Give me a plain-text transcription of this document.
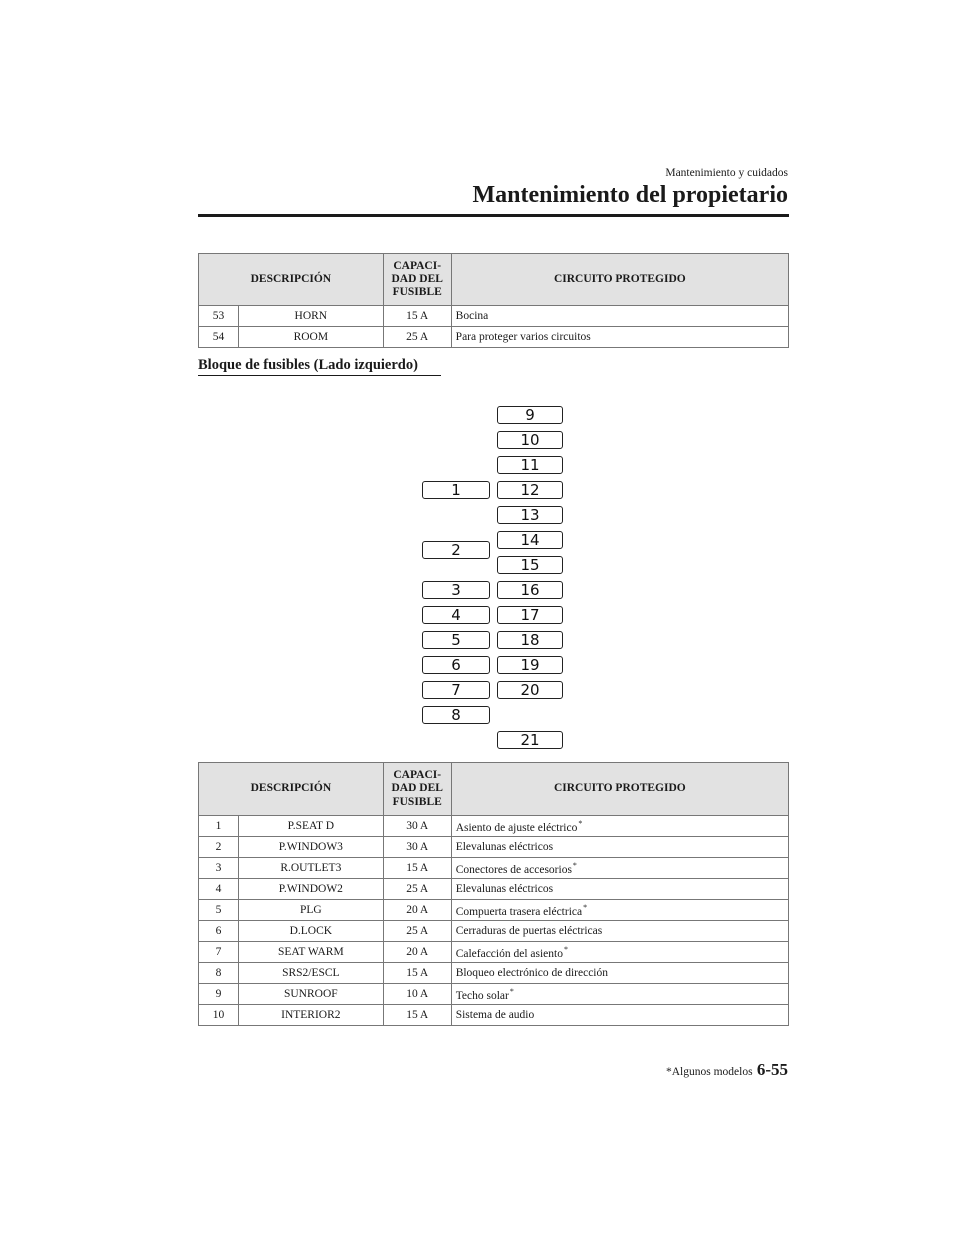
Mantenimiento y cuidados
Mantenimiento del propietario
DESCRIPCIÓN		CAPACI-
DAD DEL
FUSIBLE	CIRCUITO PROTEGIDO
53	HORN	15 A	Bocina
54	ROOM	25 A	Para proteger varios circuitos
Bloque de fusibles (Lado izquierdo)
1
2
3
4
5
6
7
8
9
10
11
12
13
14
15
16
17
18
19
20
21
DESCRIPCIÓN		CAPACI-
DAD DEL
FUSIBLE	CIRCUITO PROTEGIDO
1	P.SEAT D	30 A	Asiento de ajuste eléctrico*
2	P.WINDOW3	30 A	Elevalunas eléctricos
3	R.OUTLET3	15 A	Conectores de accesorios*
4	P.WINDOW2	25 A	Elevalunas eléctricos
5	PLG	20 A	Compuerta trasera eléctrica*
6	D.LOCK	25 A	Cerraduras de puertas eléctricas
7	SEAT WARM	20 A	Calefacción del asiento*
8	SRS2/ESCL	15 A	Bloqueo electrónico de dirección
9	SUNROOF	10 A	Techo solar*
10	INTERIOR2	15 A	Sistema de audio
*Algunos modelos 6-55
